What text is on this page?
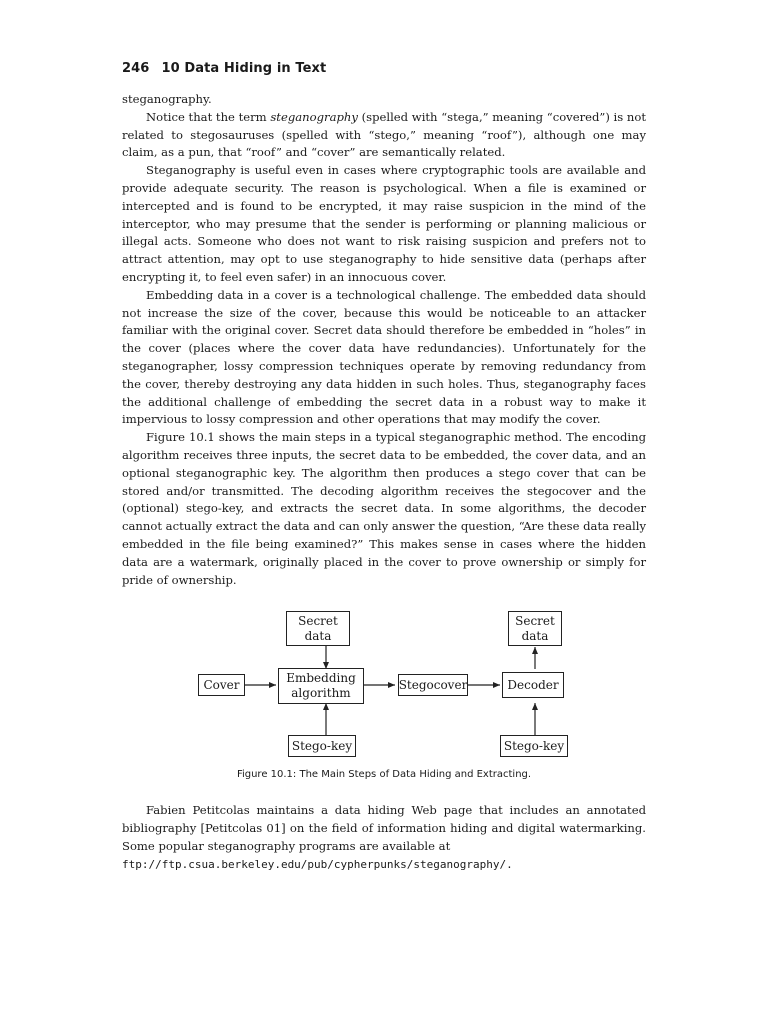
246 10 Data Hiding in Text

steganography.

Notice that the term steganography (spelled with “stega,” meaning “covered”) is not related to stegosauruses (spelled with “stego,” meaning “roof”), although one may claim, as a pun, that “roof” and “cover” are semantically related.

Steganography is useful even in cases where cryptographic tools are available and provide adequate security. The reason is psychological. When a file is examined or intercepted and is found to be encrypted, it may raise suspicion in the mind of the interceptor, who may presume that the sender is performing or planning malicious or illegal acts. Someone who does not want to risk raising suspicion and prefers not to attract attention, may opt to use steganography to hide sensitive data (perhaps after encrypting it, to feel even safer) in an innocuous cover.

Embedding data in a cover is a technological challenge. The embedded data should not increase the size of the cover, because this would be noticeable to an attacker familiar with the original cover. Secret data should therefore be embedded in “holes” in the cover (places where the cover data have redundancies). Unfortunately for the steganographer, lossy compression techniques operate by removing redundancy from the cover, thereby destroying any data hidden in such holes. Thus, steganography faces the additional challenge of embedding the secret data in a robust way to make it impervious to lossy compression and other operations that may modify the cover.

Figure 10.1 shows the main steps in a typical steganographic method. The encoding algorithm receives three inputs, the secret data to be embedded, the cover data, and an optional steganographic key. The algorithm then produces a stego cover that can be stored and/or transmitted. The decoding algorithm receives the stegocover and the (optional) stego-key, and extracts the secret data. In some algorithms, the decoder cannot actually extract the data and can only answer the question, “Are these data really embedded in the file being examined?” This makes sense in cases where the hidden data are a watermark, originally placed in the cover to prove ownership or simply for pride of ownership.

Secret
data
Secret
data
Cover	Embedding
algorithm
Stegocover	Decoder
Stego-key	Stego-key
Figure 10.1: The Main Steps of Data Hiding and Extracting.

Fabien Petitcolas maintains a data hiding Web page that includes an annotated bibliography [Petitcolas 01] on the field of information hiding and digital watermarking. Some popular steganography programs are available at

ftp://ftp.csua.berkeley.edu/pub/cypherpunks/steganography/.
